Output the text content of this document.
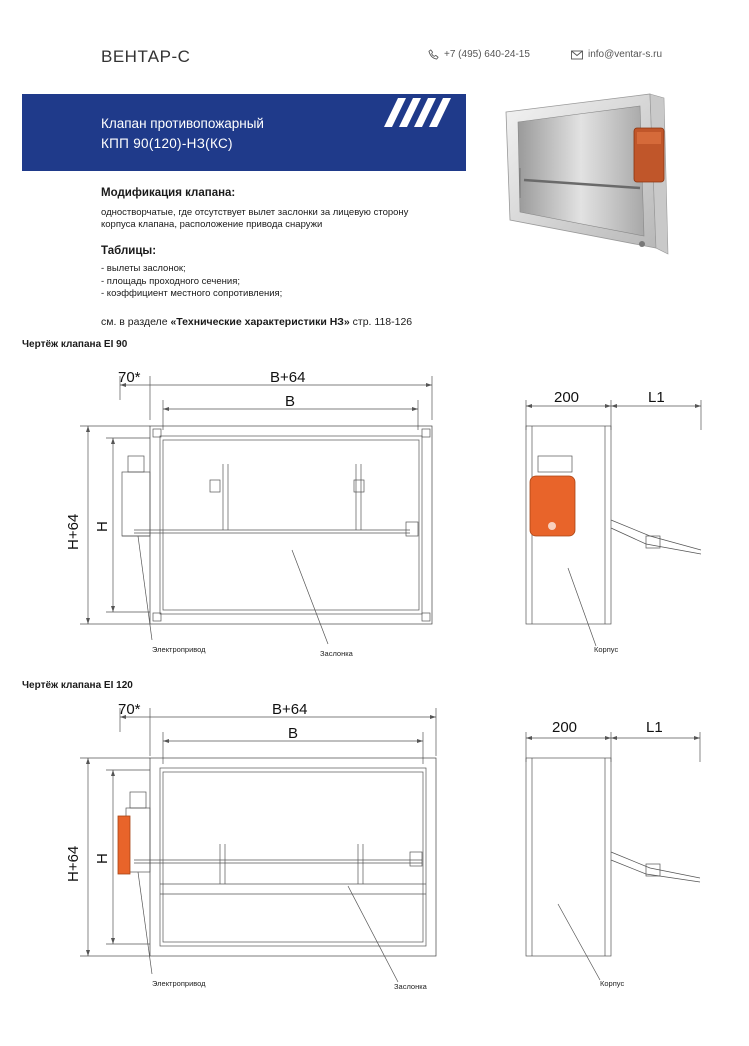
ВЕНТАР-С	+7 (495) 640-24-15	info@ventar-s.ru
Клапан противопожарный
КПП 90(120)-НЗ(КС)
Модификация клапана:
одностворчатые, где отсутствует вылет заслонки за лицевую сторону корпуса клапана, расположение привода снаружи
Таблицы:
- вылеты заслонок;
- площадь проходного сечения;
- коэффициент местного сопротивления;
см. в разделе «Технические характеристики НЗ» стр. 118-126
Чертёж клапана EI 90
Чертёж клапана EI 120
70*	B+64
B
H+64 H
200	L1
Электропривод	Заслонка	Корпус
70*	B+64
B
H+64 H
200	L1
Электропривод	Заслонка	Корпус
